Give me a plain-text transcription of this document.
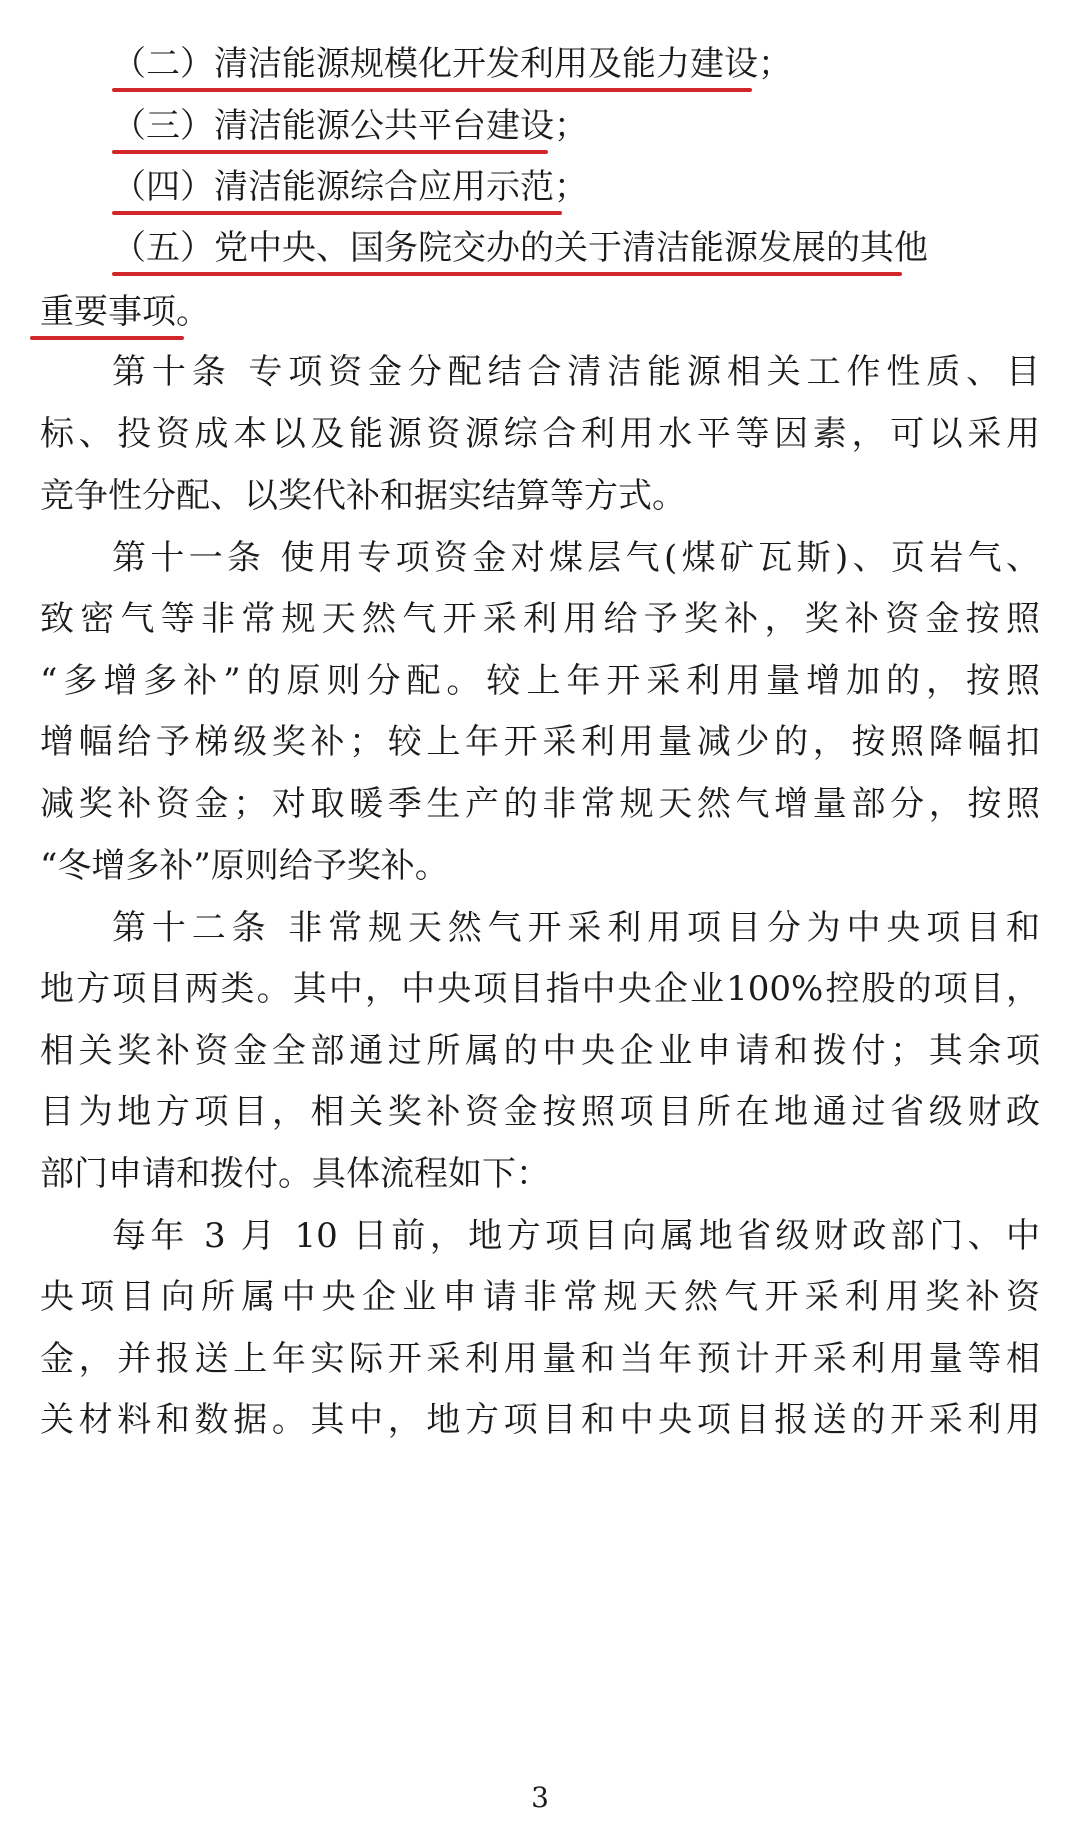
（二）清洁能源规模化开发利用及能力建设；
（三）清洁能源公共平台建设；
（四）清洁能源综合应用示范；
（五）党中央、国务院交办的关于清洁能源发展的其他
重要事项。
第十条 专项资金分配结合清洁能源相关工作性质、目
标、投资成本以及能源资源综合利用水平等因素，可以采用
竞争性分配、以奖代补和据实结算等方式。
第十一条 使用专项资金对煤层气(煤矿瓦斯)、页岩气、
致密气等非常规天然气开采利用给予奖补，奖补资金按照
“多增多补”的原则分配。较上年开采利用量增加的，按照
增幅给予梯级奖补；较上年开采利用量减少的，按照降幅扣
减奖补资金；对取暖季生产的非常规天然气增量部分，按照
“冬增多补”原则给予奖补。
第十二条 非常规天然气开采利用项目分为中央项目和
地方项目两类。其中，中央项目指中央企业100%控股的项目，
相关奖补资金全部通过所属的中央企业申请和拨付；其余项
目为地方项目，相关奖补资金按照项目所在地通过省级财政
部门申请和拨付。具体流程如下：
每年 3 月 10 日前，地方项目向属地省级财政部门、中
央项目向所属中央企业申请非常规天然气开采利用奖补资
金，并报送上年实际开采利用量和当年预计开采利用量等相
关材料和数据。其中，地方项目和中央项目报送的开采利用
3
